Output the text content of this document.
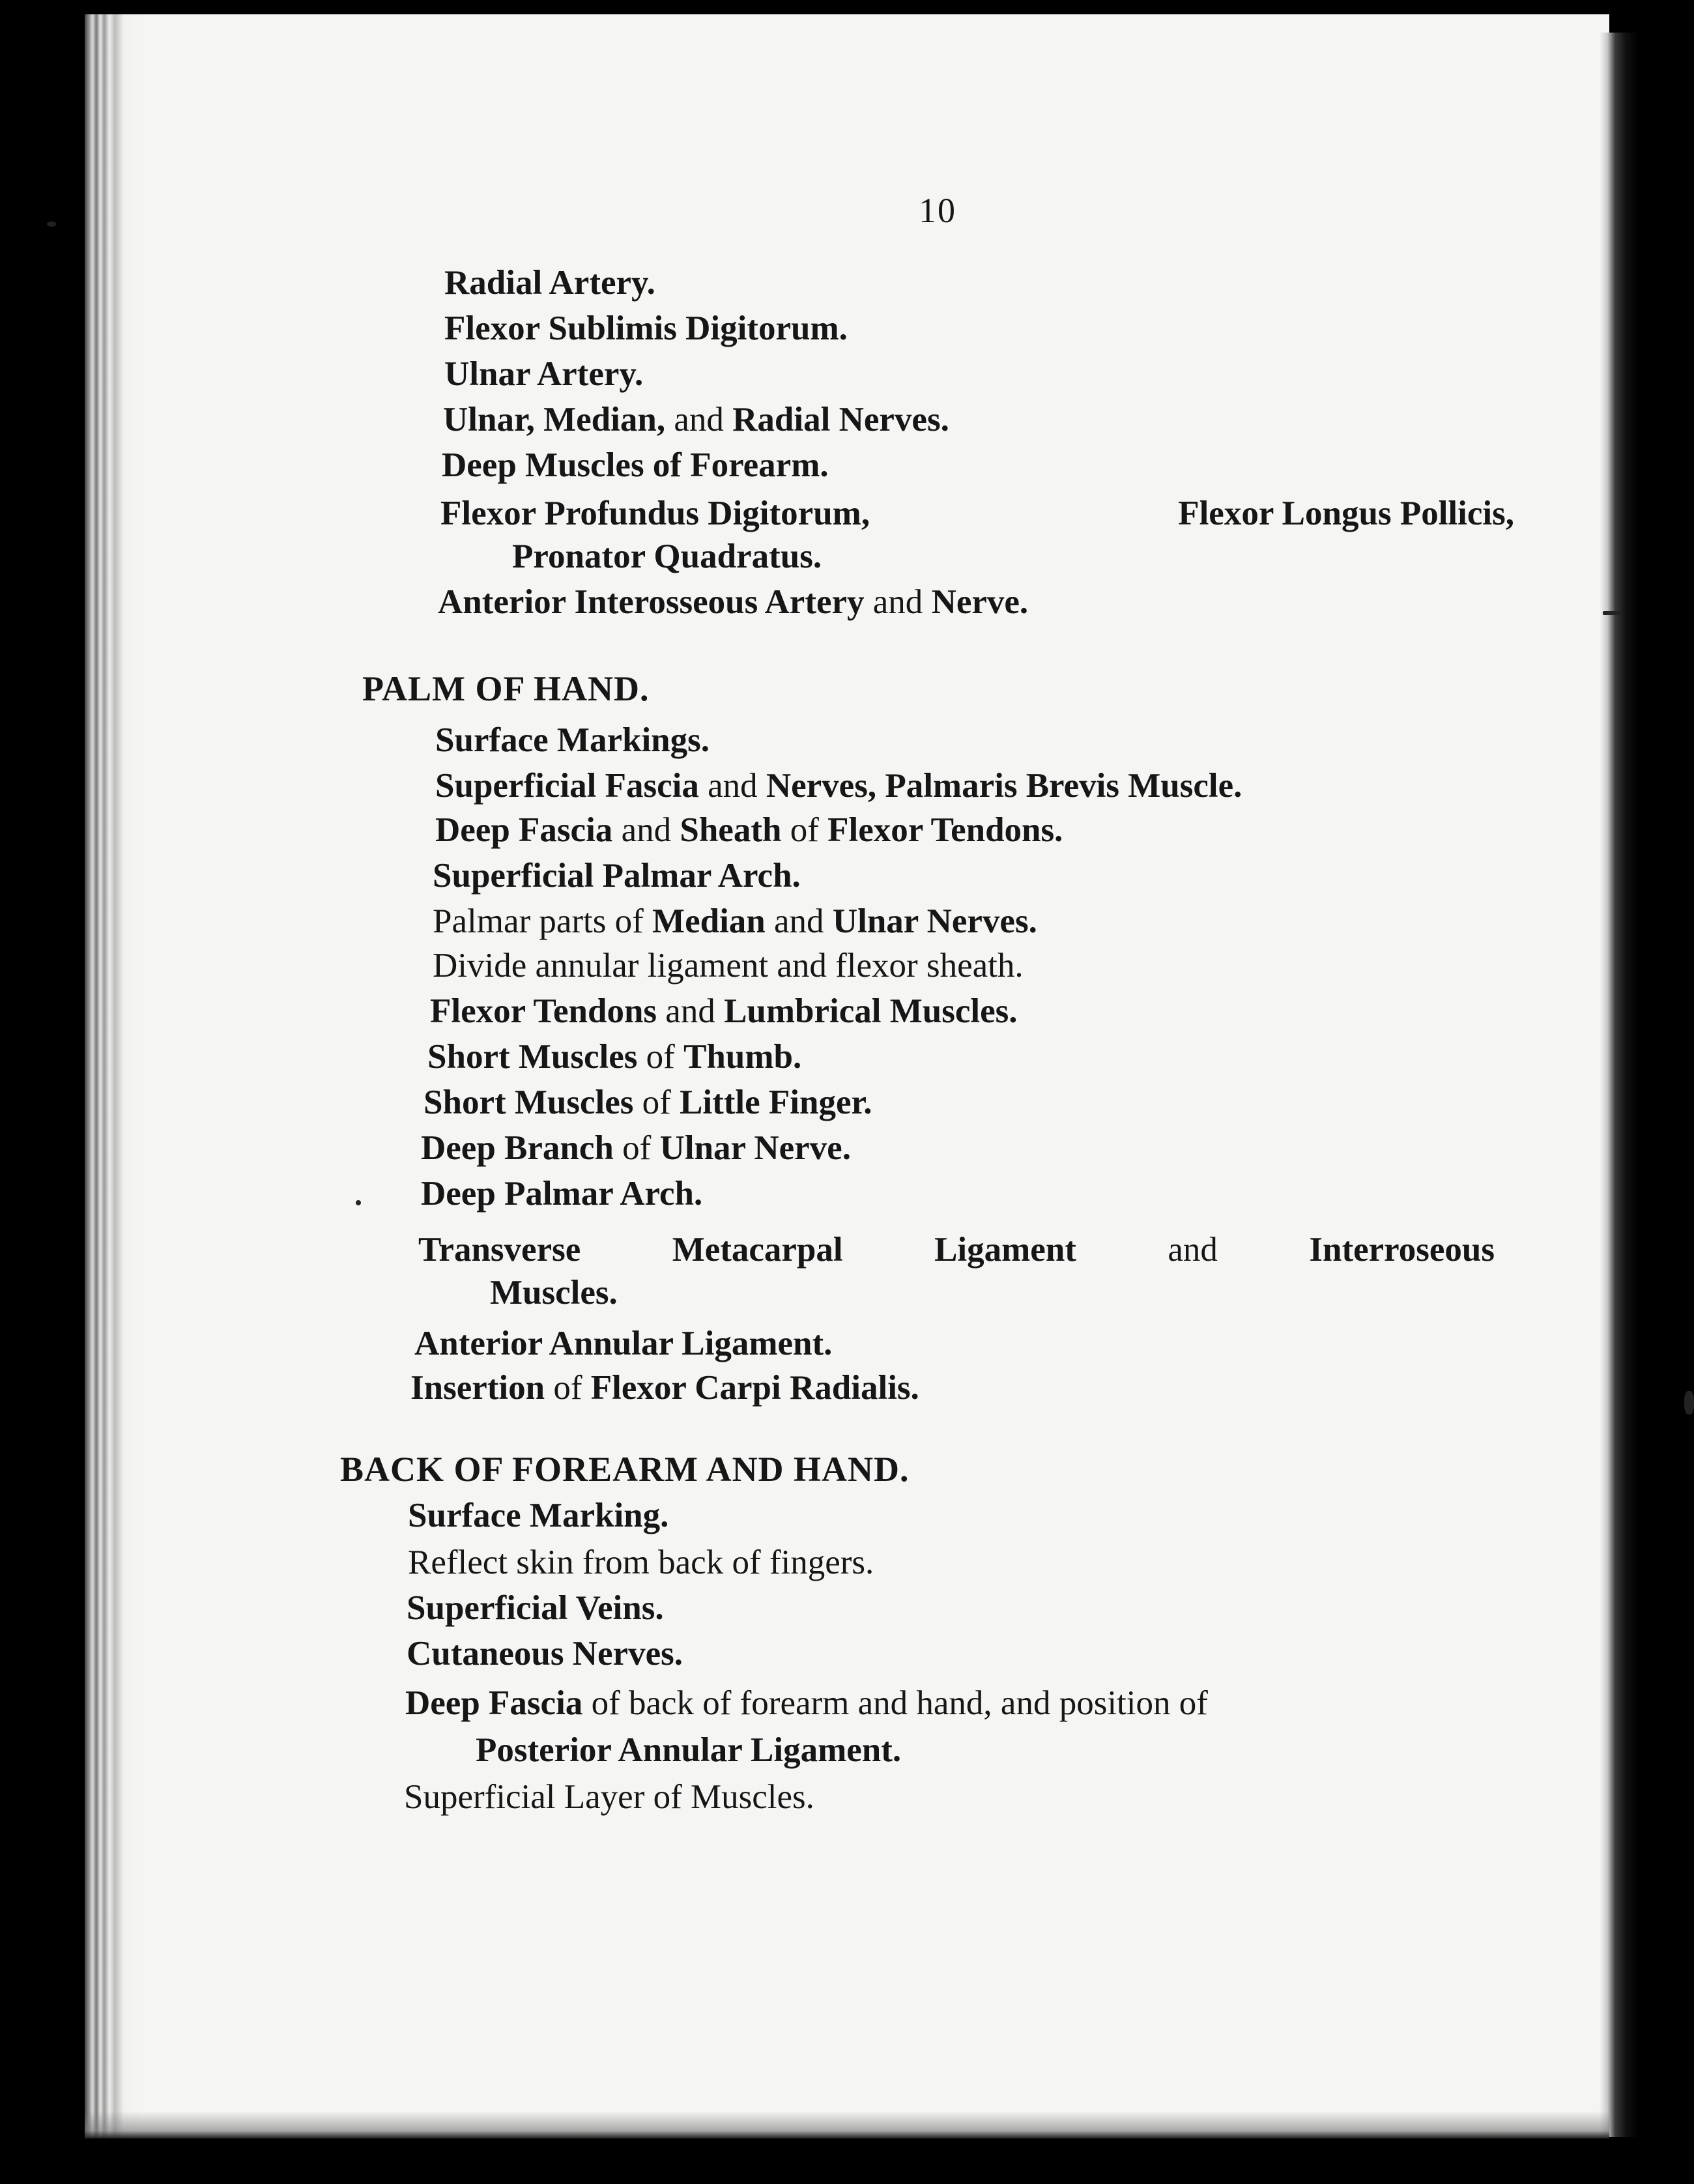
10
Radial Artery.
Flexor Sublimis Digitorum.
Ulnar Artery.
Ulnar, Median, and Radial Nerves.
Deep Muscles of Forearm.
Flexor Profundus Digitorum,	Flexor Longus Pollicis,
Pronator Quadratus.
Anterior Interosseous Artery and Nerve.
PALM OF HAND.
Surface Markings.
Superficial Fascia and Nerves, Palmaris Brevis Muscle.
Deep Fascia and Sheath of Flexor Tendons.
Superficial Palmar Arch.
Palmar parts of Median and Ulnar Nerves.
Divide annular ligament and flexor sheath.
Flexor Tendons and Lumbrical Muscles.
Short Muscles of Thumb.
Short Muscles of Little Finger.
Deep Branch of Ulnar Nerve.
Deep Palmar Arch.
Transverse	Metacarpal	Ligament	and	Interroseous
Muscles.
Anterior Annular Ligament.
Insertion of Flexor Carpi Radialis.
BACK OF FOREARM AND HAND.
Surface Marking.
Reflect skin from back of fingers.
Superficial Veins.
Cutaneous Nerves.
Deep Fascia of back of forearm and hand, and position of
Posterior Annular Ligament.
Superficial Layer of Muscles.
